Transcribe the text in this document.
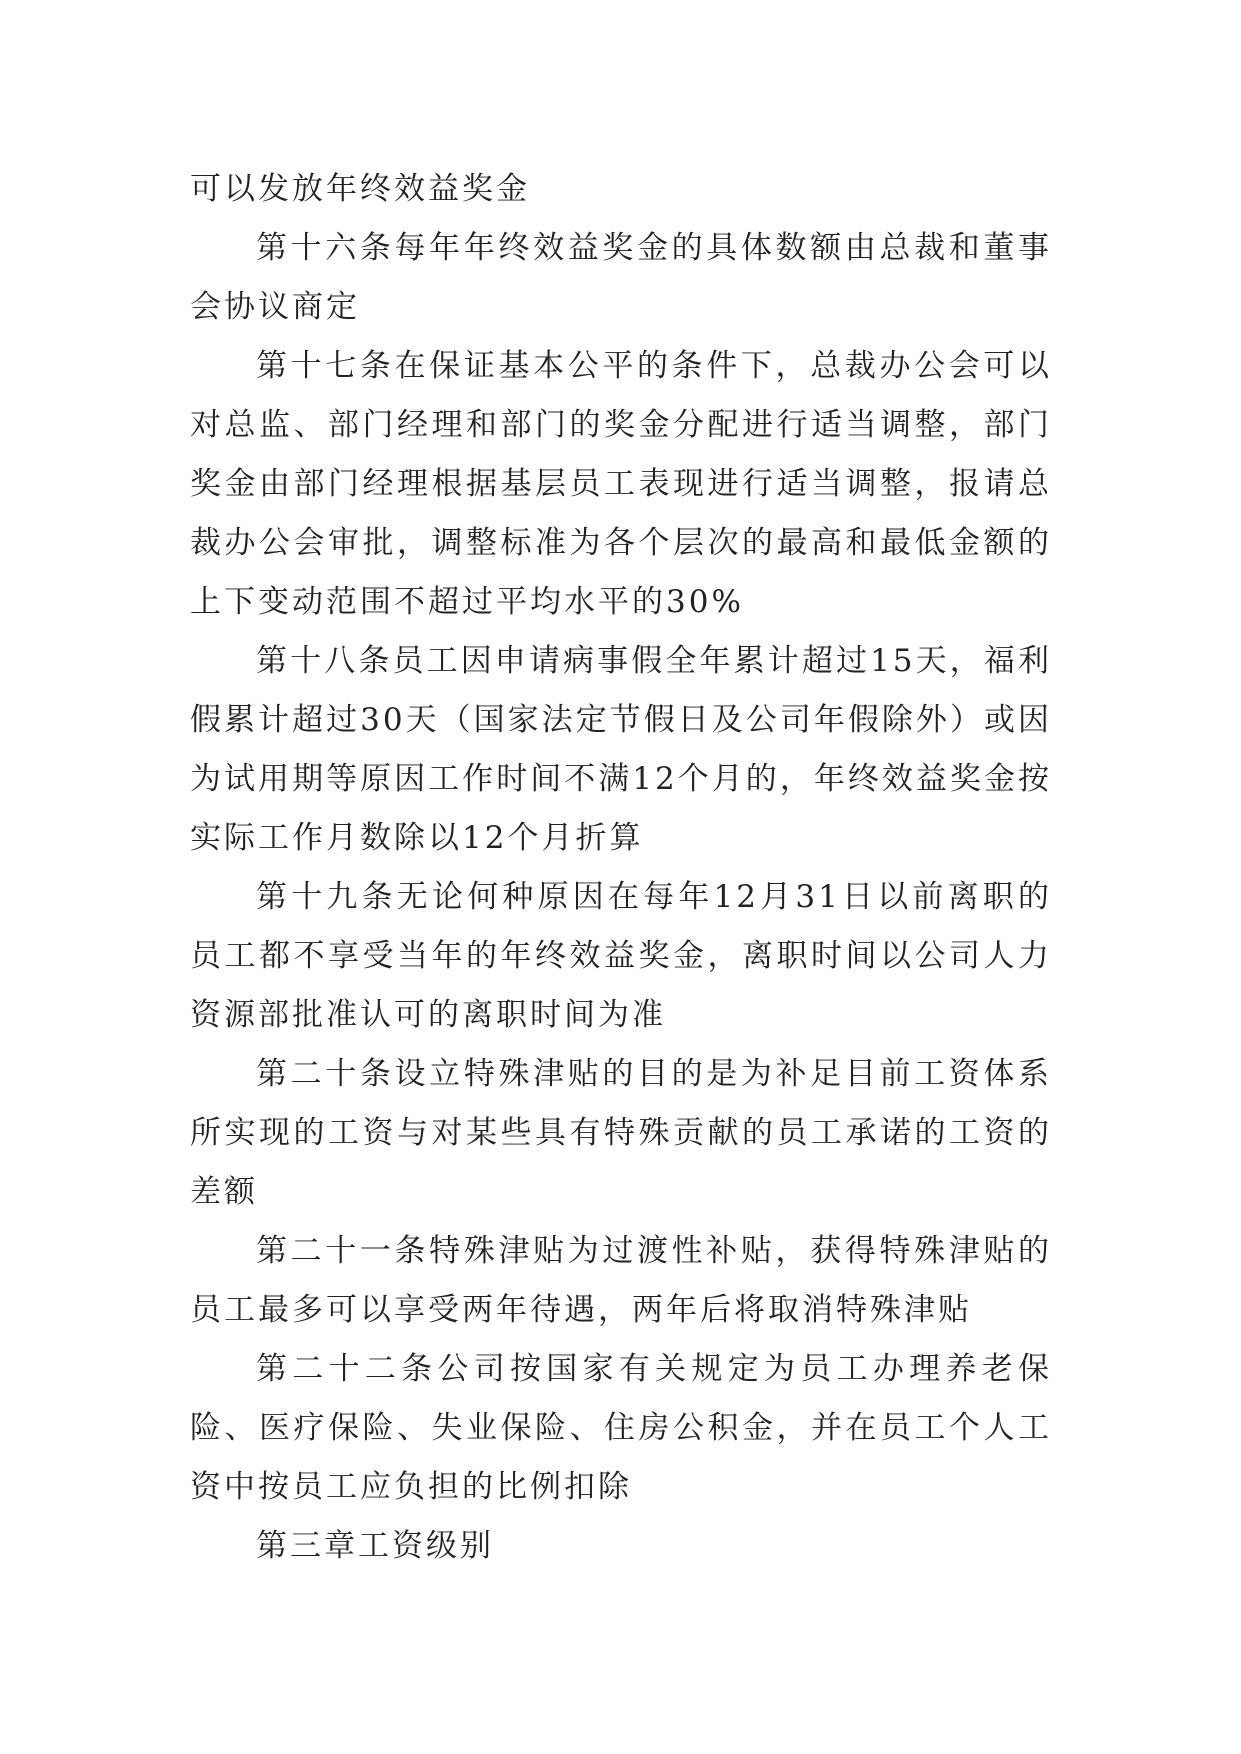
可以发放年终效益奖金

第十六条每年年终效益奖金的具体数额由总裁和董事会协议商定

第十七条在保证基本公平的条件下，总裁办公会可以对总监、部门经理和部门的奖金分配进行适当调整，部门奖金由部门经理根据基层员工表现进行适当调整，报请总裁办公会审批，调整标准为各个层次的最高和最低金额的上下变动范围不超过平均水平的30%

第十八条员工因申请病事假全年累计超过15天，福利假累计超过30天（国家法定节假日及公司年假除外）或因为试用期等原因工作时间不满12个月的，年终效益奖金按实际工作月数除以12个月折算

第十九条无论何种原因在每年12月31日以前离职的员工都不享受当年的年终效益奖金，离职时间以公司人力资源部批准认可的离职时间为准

第二十条设立特殊津贴的目的是为补足目前工资体系所实现的工资与对某些具有特殊贡献的员工承诺的工资的差额

第二十一条特殊津贴为过渡性补贴，获得特殊津贴的员工最多可以享受两年待遇，两年后将取消特殊津贴

第二十二条公司按国家有关规定为员工办理养老保险、医疗保险、失业保险、住房公积金，并在员工个人工资中按员工应负担的比例扣除

第三章工资级别
